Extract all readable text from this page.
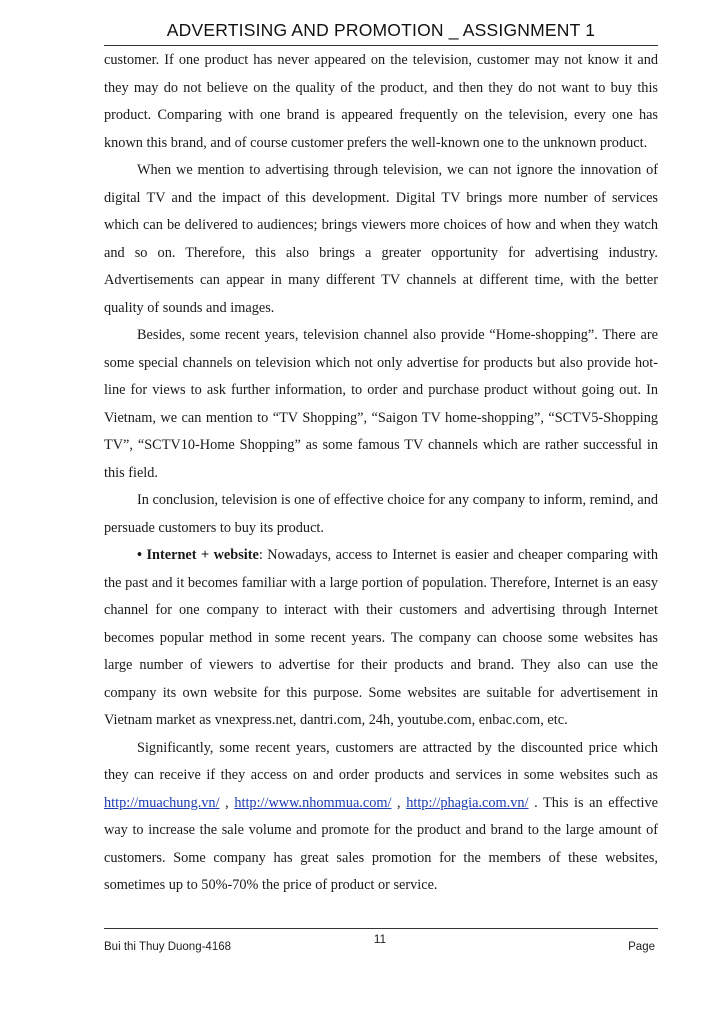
ADVERTISING AND PROMOTION _ ASSIGNMENT 1

customer. If one product has never appeared on the television, customer may not know it and they may do not believe on the quality of the product, and then they do not want to buy this product. Comparing with one brand is appeared frequently on the television, every one has known this brand, and of course customer prefers the well-known one to the unknown product.

When we mention to advertising through television, we can not ignore the innovation of digital TV and the impact of this development. Digital TV brings more number of services which can be delivered to audiences; brings viewers more choices of how and when they watch and so on. Therefore, this also brings a greater opportunity for advertising industry. Advertisements can appear in many different TV channels at different time, with the better quality of sounds and images.

Besides, some recent years, television channel also provide “Home-shopping”. There are some special channels on television which not only advertise for products but also provide hot-line for views to ask further information, to order and purchase product without going out. In Vietnam, we can mention to “TV Shopping”, “Saigon TV home-shopping”, “SCTV5-Shopping TV”, “SCTV10-Home Shopping” as some famous TV channels which are rather successful in this field.

In conclusion, television is one of effective choice for any company to inform, remind, and persuade customers to buy its product.

• Internet + website: Nowadays, access to Internet is easier and cheaper comparing with the past and it becomes familiar with a large portion of population. Therefore, Internet is an easy channel for one company to interact with their customers and advertising through Internet becomes popular method in some recent years. The company can choose some websites has large number of viewers to advertise for their products and brand. They also can use the company its own website for this purpose. Some websites are suitable for advertisement in Vietnam market as vnexpress.net, dantri.com, 24h, youtube.com, enbac.com, etc.

Significantly, some recent years, customers are attracted by the discounted price which they can receive if they access on and order products and services in some websites such as http://muachung.vn/ , http://www.nhommua.com/ , http://phagia.com.vn/ . This is an effective way to increase the sale volume and promote for the product and brand to the large amount of customers. Some company has great sales promotion for the members of these websites, sometimes up to 50%-70% the price of product or service.

Bui thi Thuy Duong-4168
11
Page
